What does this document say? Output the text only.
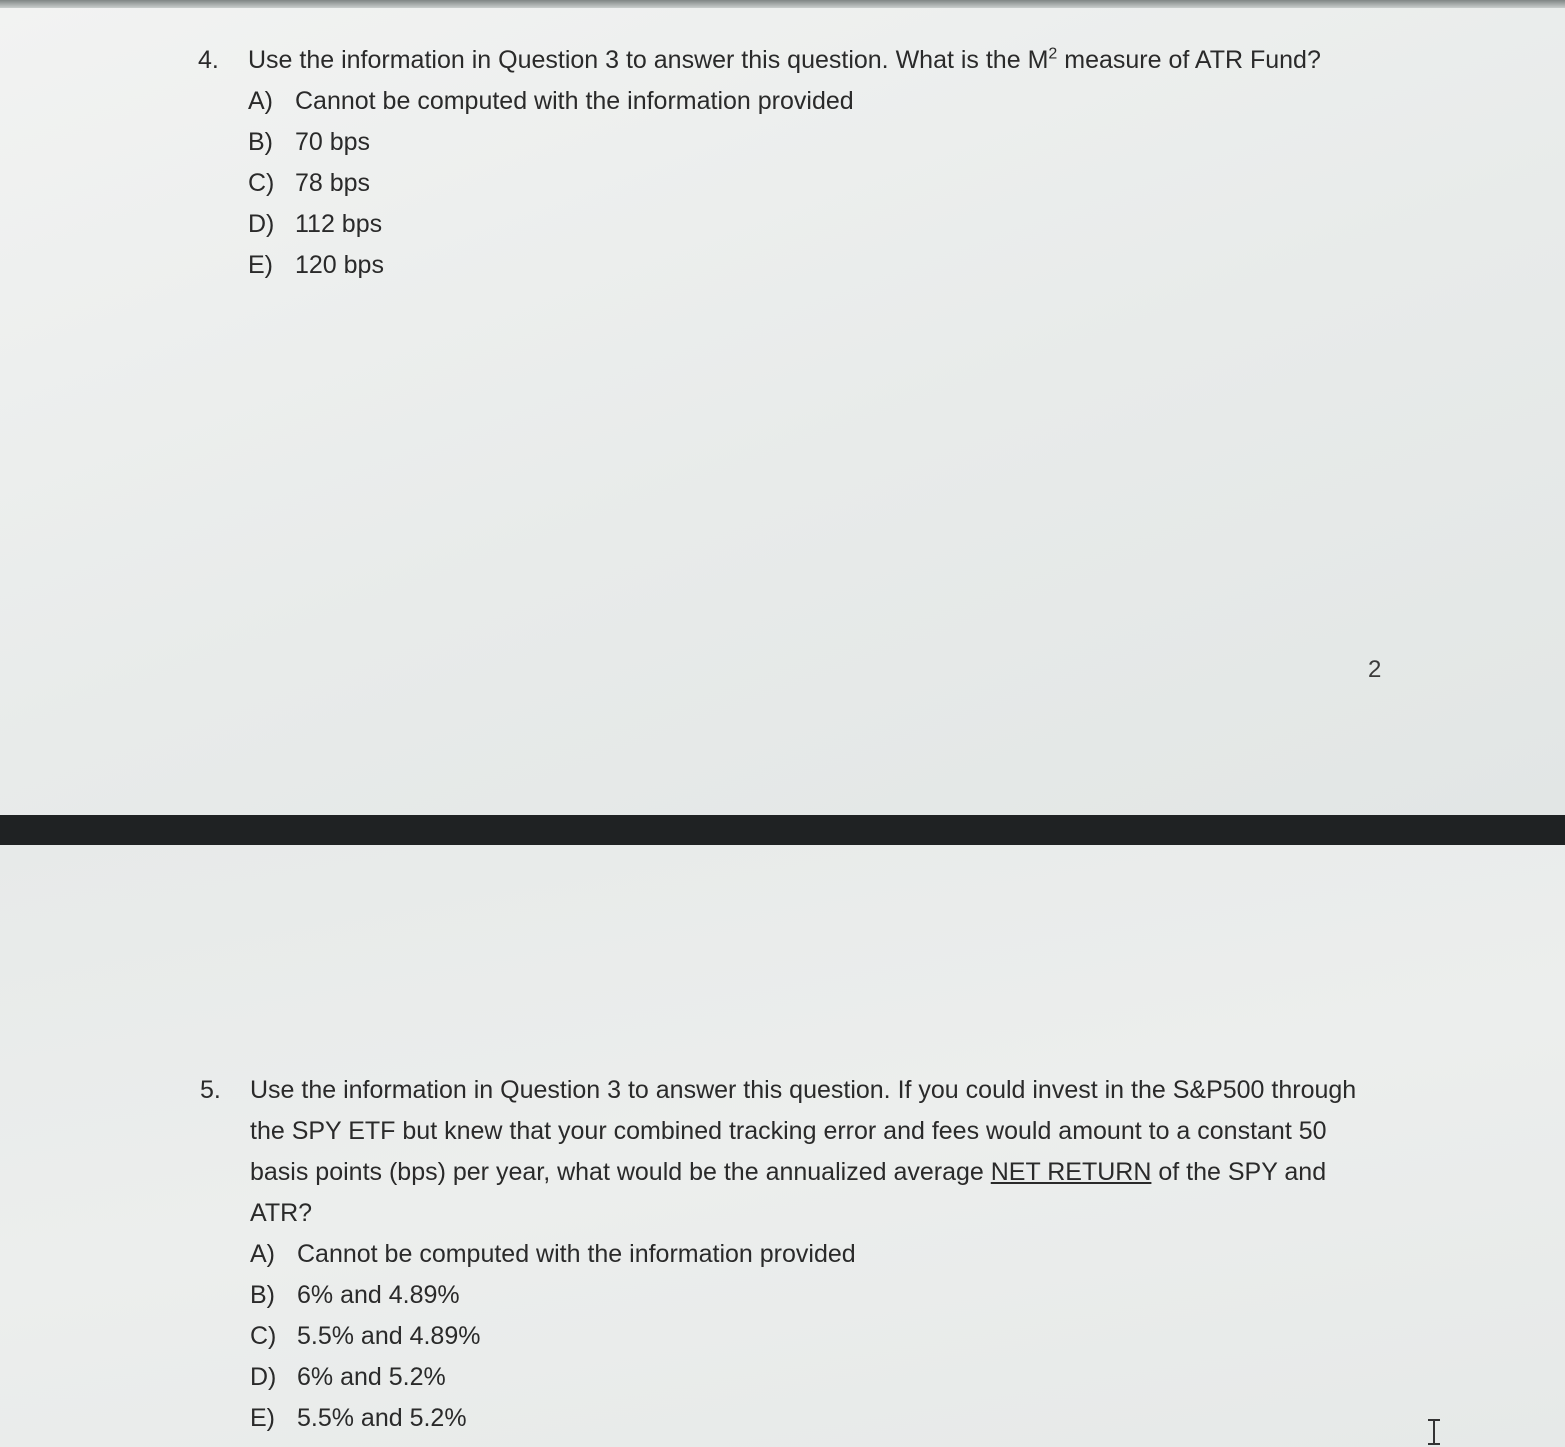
4.	Use the information in Question 3 to answer this question. What is the $M^2$ measure of ATR Fund?
A) Cannot be computed with the information provided
B) 70 bps
C) 78 bps
D) 112 bps
E) 120 bps
2
5.	Use the information in Question 3 to answer this question. If you could invest in the S&P500 through the SPY ETF but knew that your combined tracking error and fees would amount to a constant 50 basis points (bps) per year, what would be the annualized average NET RETURN of the SPY and ATR?
A) Cannot be computed with the information provided
B) 6% and 4.89%
C) 5.5% and 4.89%
D) 6% and 5.2%
E) 5.5% and 5.2%
